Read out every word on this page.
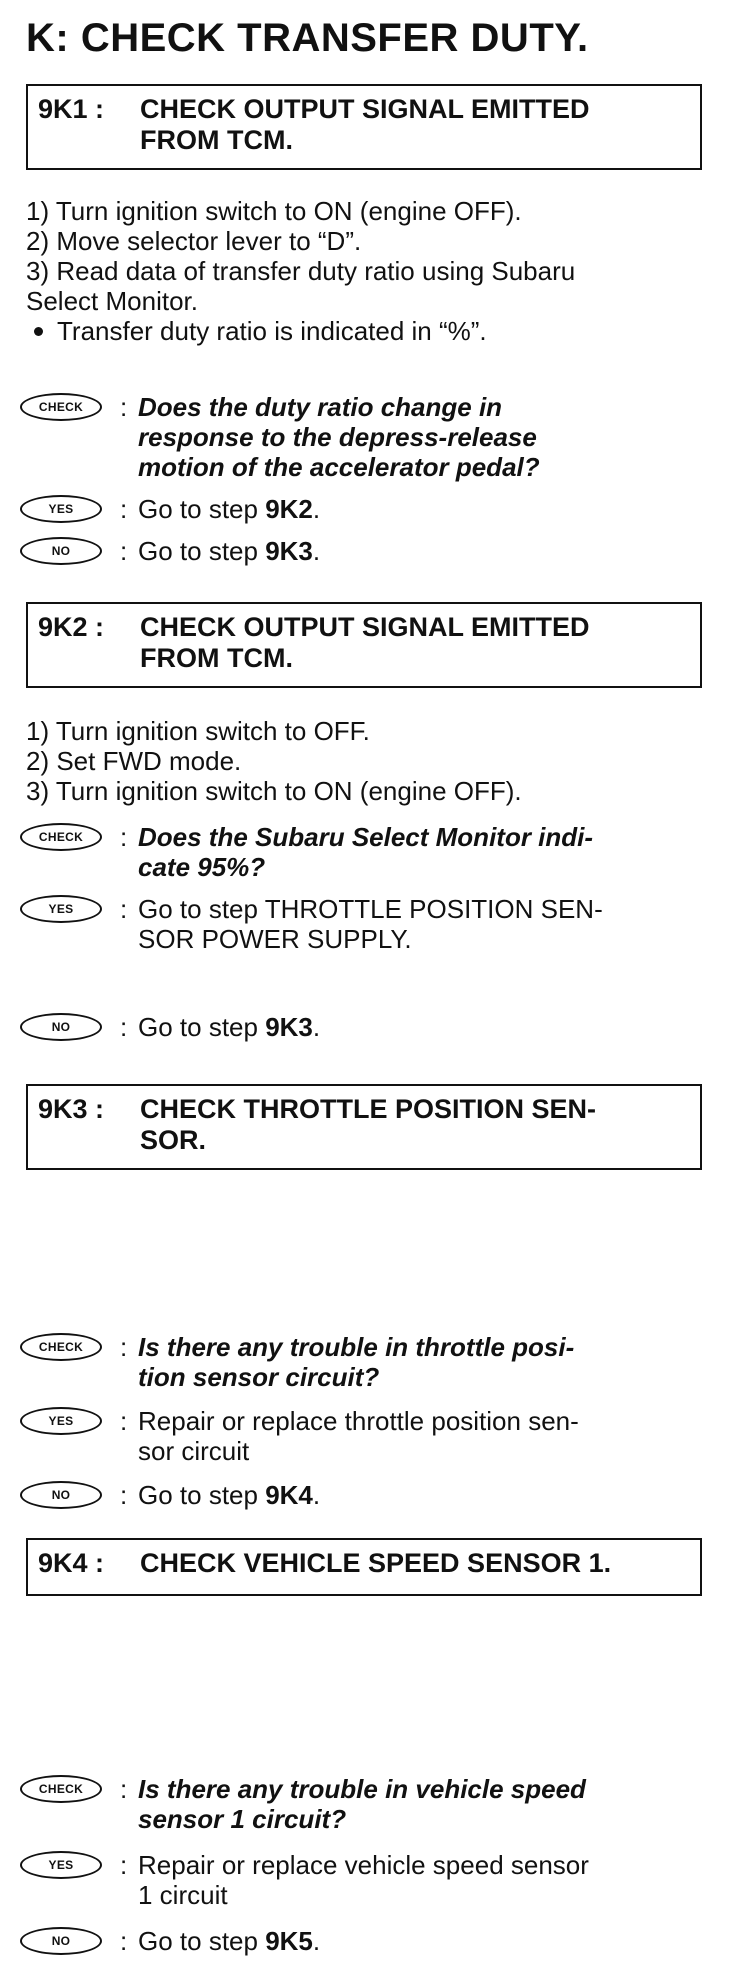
K: CHECK TRANSFER DUTY.
9K1 : CHECK OUTPUT SIGNAL EMITTED
FROM TCM.

1) Turn ignition switch to ON (engine OFF).

2) Move selector lever to “D”.

3) Read data of transfer duty ratio using Subaru

Select Monitor.

Transfer duty ratio is indicated in “%”.

CHECK	: Does the duty ratio change in
response to the depress-release
motion of the accelerator pedal?
YES	: Go to step 9K2.
NO	: Go to step 9K3.
9K2 : CHECK OUTPUT SIGNAL EMITTED
FROM TCM.

1) Turn ignition switch to OFF.

2) Set FWD mode.

3) Turn ignition switch to ON (engine OFF).

CHECK	: Does the Subaru Select Monitor indi-
cate 95%?
YES	: Go to step THROTTLE POSITION SEN-
SOR POWER SUPPLY.
NO	: Go to step 9K3.
9K3 : CHECK THROTTLE POSITION SEN-
SOR.
CHECK	: Is there any trouble in throttle posi-
tion sensor circuit?
YES	: Repair or replace throttle position sen-
sor circuit
NO	: Go to step 9K4.
9K4 : CHECK VEHICLE SPEED SENSOR 1.
CHECK	: Is there any trouble in vehicle speed
sensor 1 circuit?
YES	: Repair or replace vehicle speed sensor
1 circuit
NO	: Go to step 9K5.
